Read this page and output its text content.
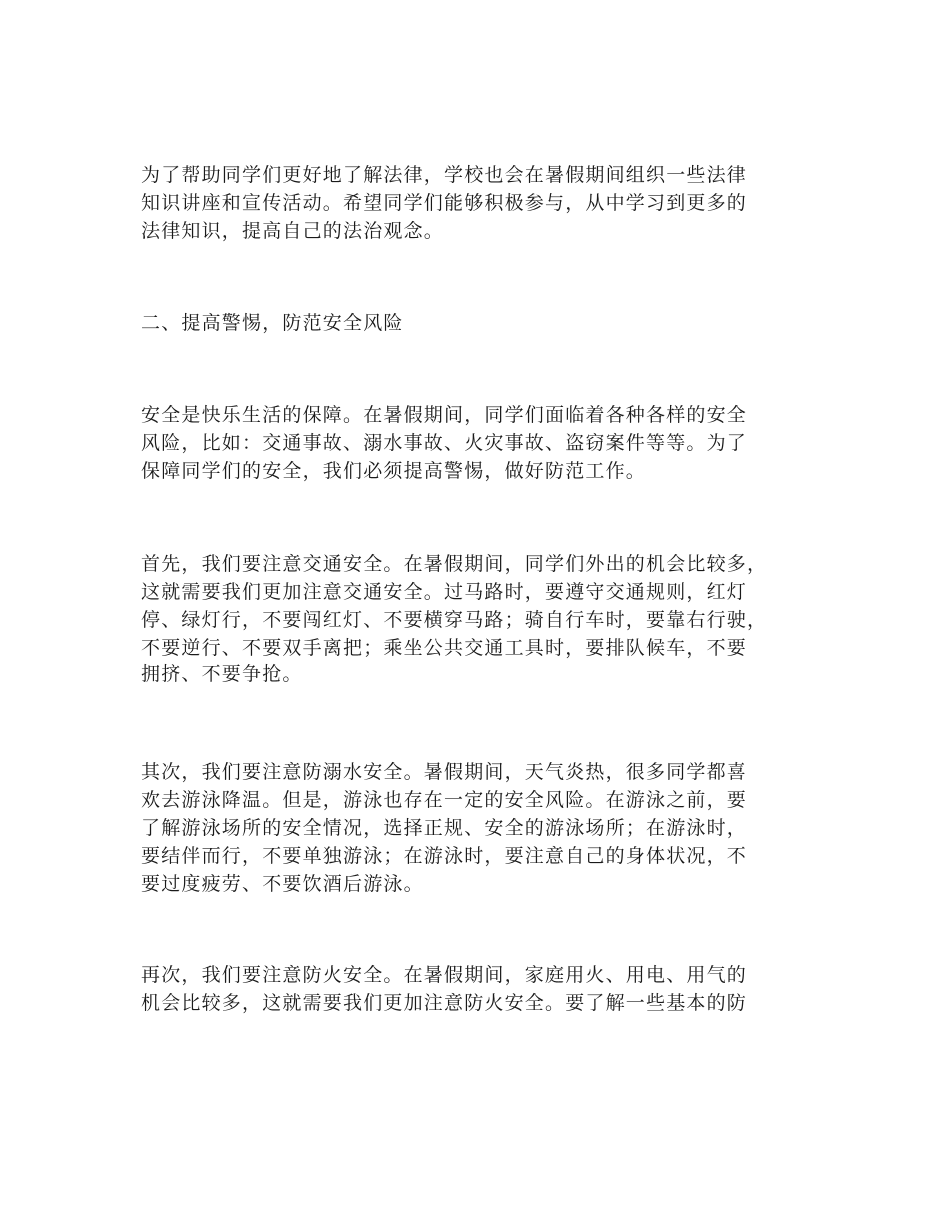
为了帮助同学们更好地了解法律，学校也会在暑假期间组织一些法律
知识讲座和宣传活动。希望同学们能够积极参与，从中学习到更多的
法律知识，提高自己的法治观念。
二、提高警惕，防范安全风险
安全是快乐生活的保障。在暑假期间，同学们面临着各种各样的安全
风险，比如：交通事故、溺水事故、火灾事故、盗窃案件等等。为了
保障同学们的安全，我们必须提高警惕，做好防范工作。
首先，我们要注意交通安全。在暑假期间，同学们外出的机会比较多，
这就需要我们更加注意交通安全。过马路时，要遵守交通规则，红灯
停、绿灯行，不要闯红灯、不要横穿马路；骑自行车时，要靠右行驶，
不要逆行、不要双手离把；乘坐公共交通工具时，要排队候车，不要
拥挤、不要争抢。
其次，我们要注意防溺水安全。暑假期间，天气炎热，很多同学都喜
欢去游泳降温。但是，游泳也存在一定的安全风险。在游泳之前，要
了解游泳场所的安全情况，选择正规、安全的游泳场所；在游泳时，
要结伴而行，不要单独游泳；在游泳时，要注意自己的身体状况，不
要过度疲劳、不要饮酒后游泳。
再次，我们要注意防火安全。在暑假期间，家庭用火、用电、用气的
机会比较多，这就需要我们更加注意防火安全。要了解一些基本的防
